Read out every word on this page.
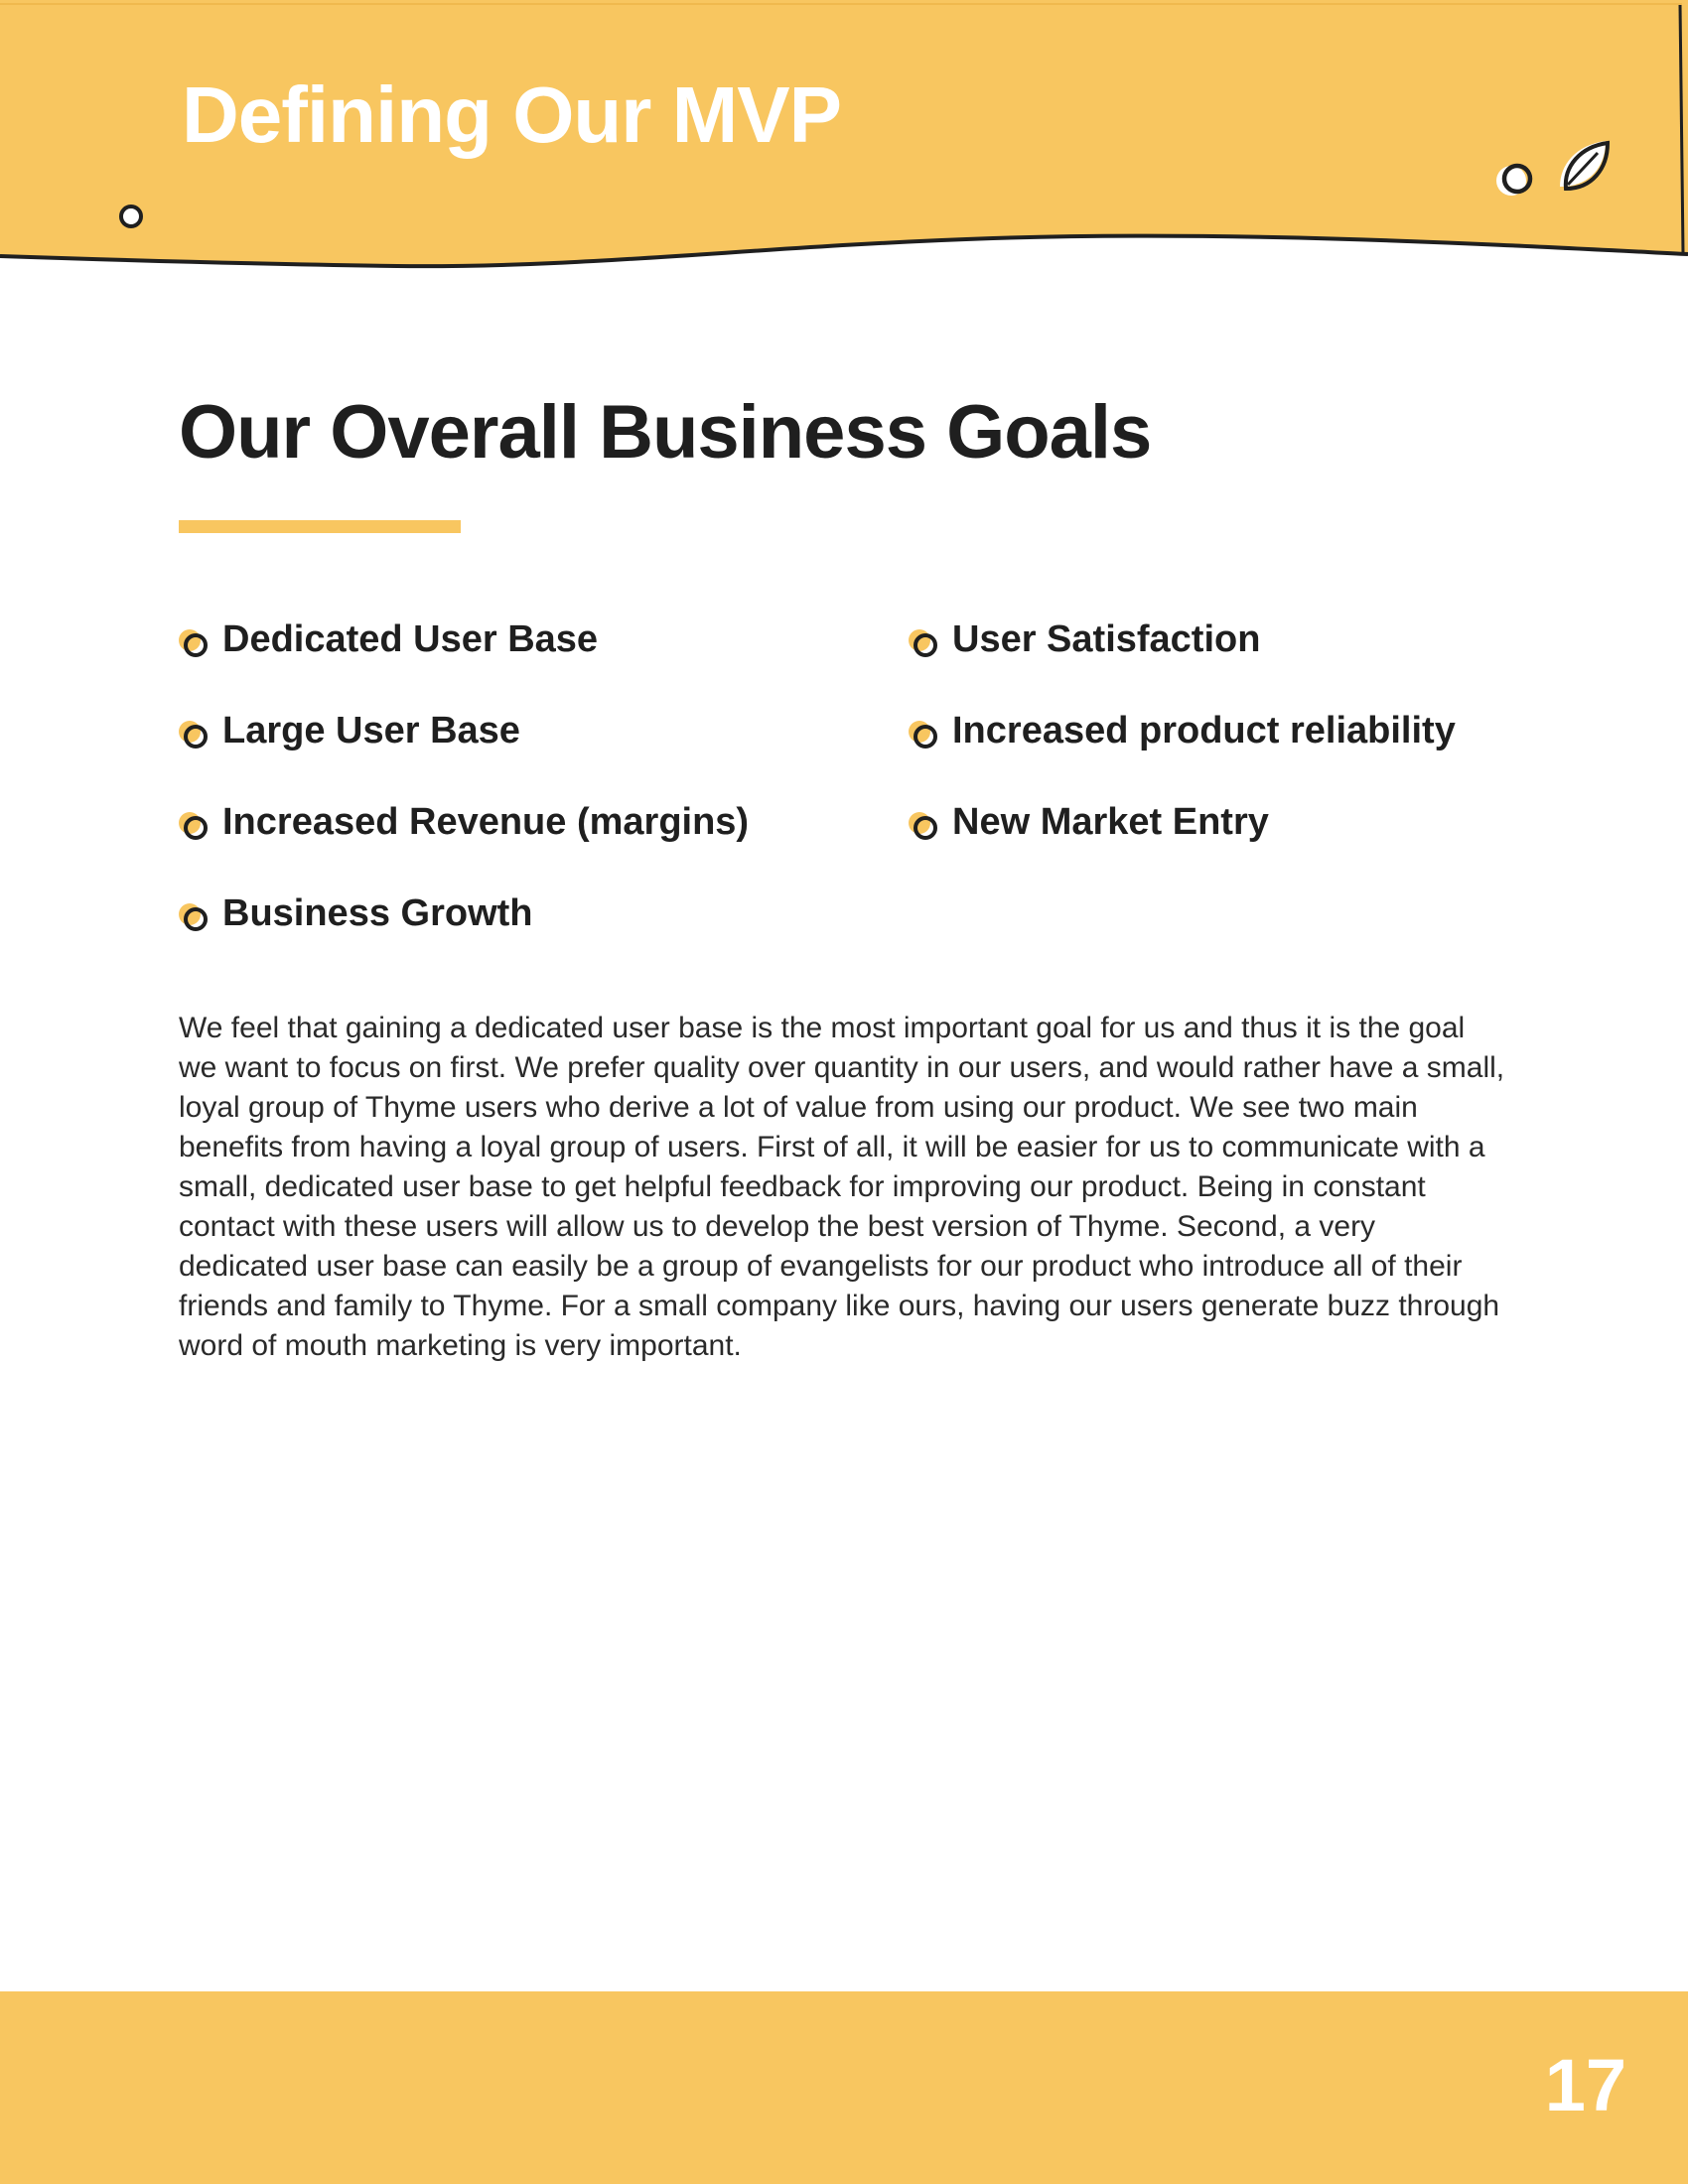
Defining Our MVP
Our Overall Business Goals
Dedicated User Base
Large User Base
Increased Revenue (margins)
Business Growth
User Satisfaction
Increased product reliability
New Market Entry

We feel that gaining a dedicated user base is the most important goal for us and thus it is the goal we want to focus on first. We prefer quality over quantity in our users, and would rather have a small, loyal group of Thyme users who derive a lot of value from using our product. We see two main benefits from having a loyal group of users. First of all, it will be easier for us to communicate with a small, dedicated user base to get helpful feedback for improving our product. Being in constant contact with these users will allow us to develop the best version of Thyme. Second, a very dedicated user base can easily be a group of evangelists for our product who introduce all of their friends and family to Thyme. For a small company like ours, having our users generate buzz through word of mouth marketing is very important.

17
